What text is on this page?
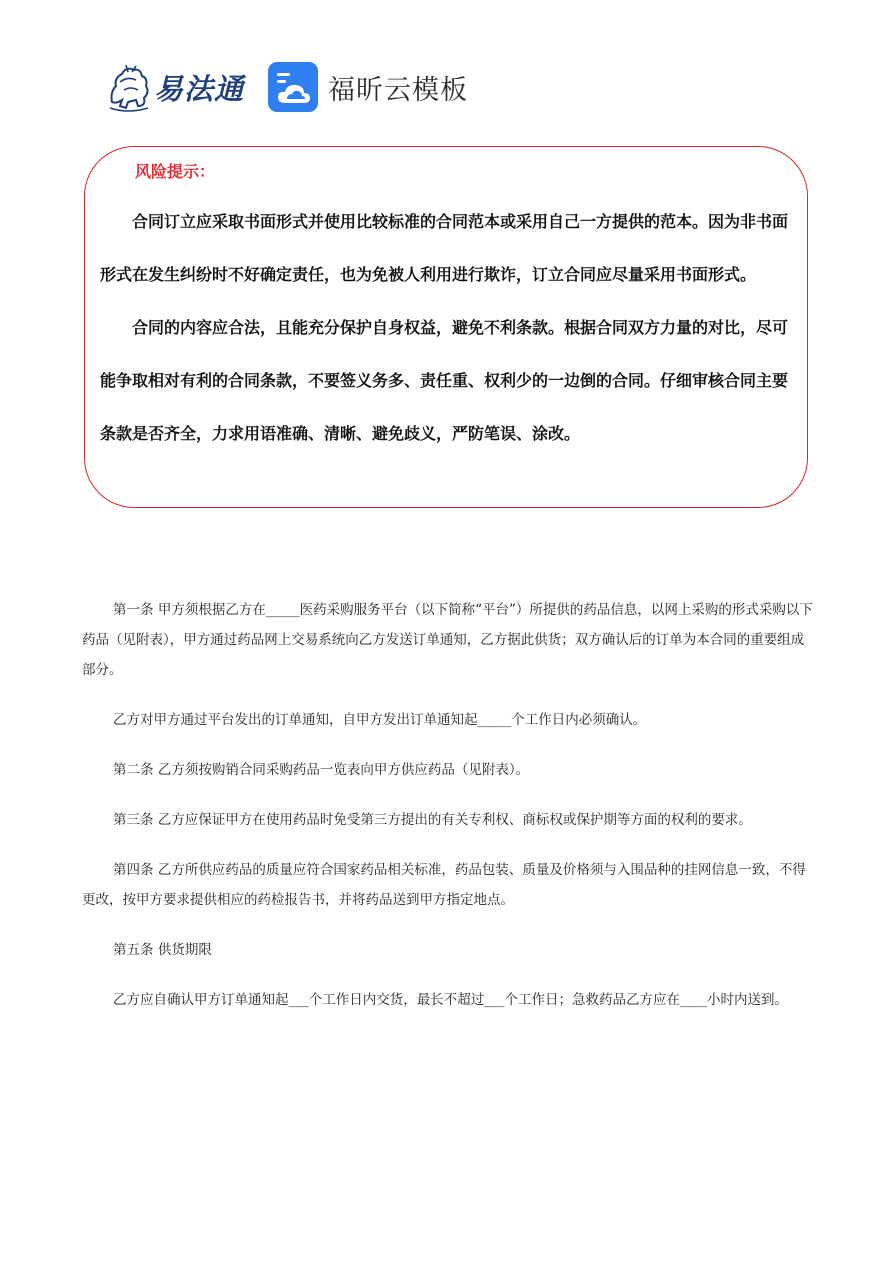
易法通	福昕云模板
风险提示：

合同订立应采取书面形式并使用比较标准的合同范本或采用自己一方提供的范本。因为非书面形式在发生纠纷时不好确定责任，也为免被人利用进行欺诈，订立合同应尽量采用书面形式。

合同的内容应合法，且能充分保护自身权益，避免不利条款。根据合同双方力量的对比，尽可能争取相对有利的合同条款，不要签义务多、责任重、权利少的一边倒的合同。仔细审核合同主要条款是否齐全，力求用语准确、清晰、避免歧义，严防笔误、涂改。

第一条 甲方须根据乙方在_____医药采购服务平台（以下简称“平台”）所提供的药品信息，以网上采购的形式采购以下药品（见附表），甲方通过药品网上交易系统向乙方发送订单通知，乙方据此供货；双方确认后的订单为本合同的重要组成部分。

乙方对甲方通过平台发出的订单通知，自甲方发出订单通知起_____个工作日内必须确认。

第二条 乙方须按购销合同采购药品一览表向甲方供应药品（见附表）。

第三条 乙方应保证甲方在使用药品时免受第三方提出的有关专利权、商标权或保护期等方面的权利的要求。

第四条 乙方所供应药品的质量应符合国家药品相关标准，药品包装、质量及价格须与入围品种的挂网信息一致，不得更改，按甲方要求提供相应的药检报告书，并将药品送到甲方指定地点。

第五条 供货期限

乙方应自确认甲方订单通知起___个工作日内交货，最长不超过___个工作日；急救药品乙方应在____小时内送到。
